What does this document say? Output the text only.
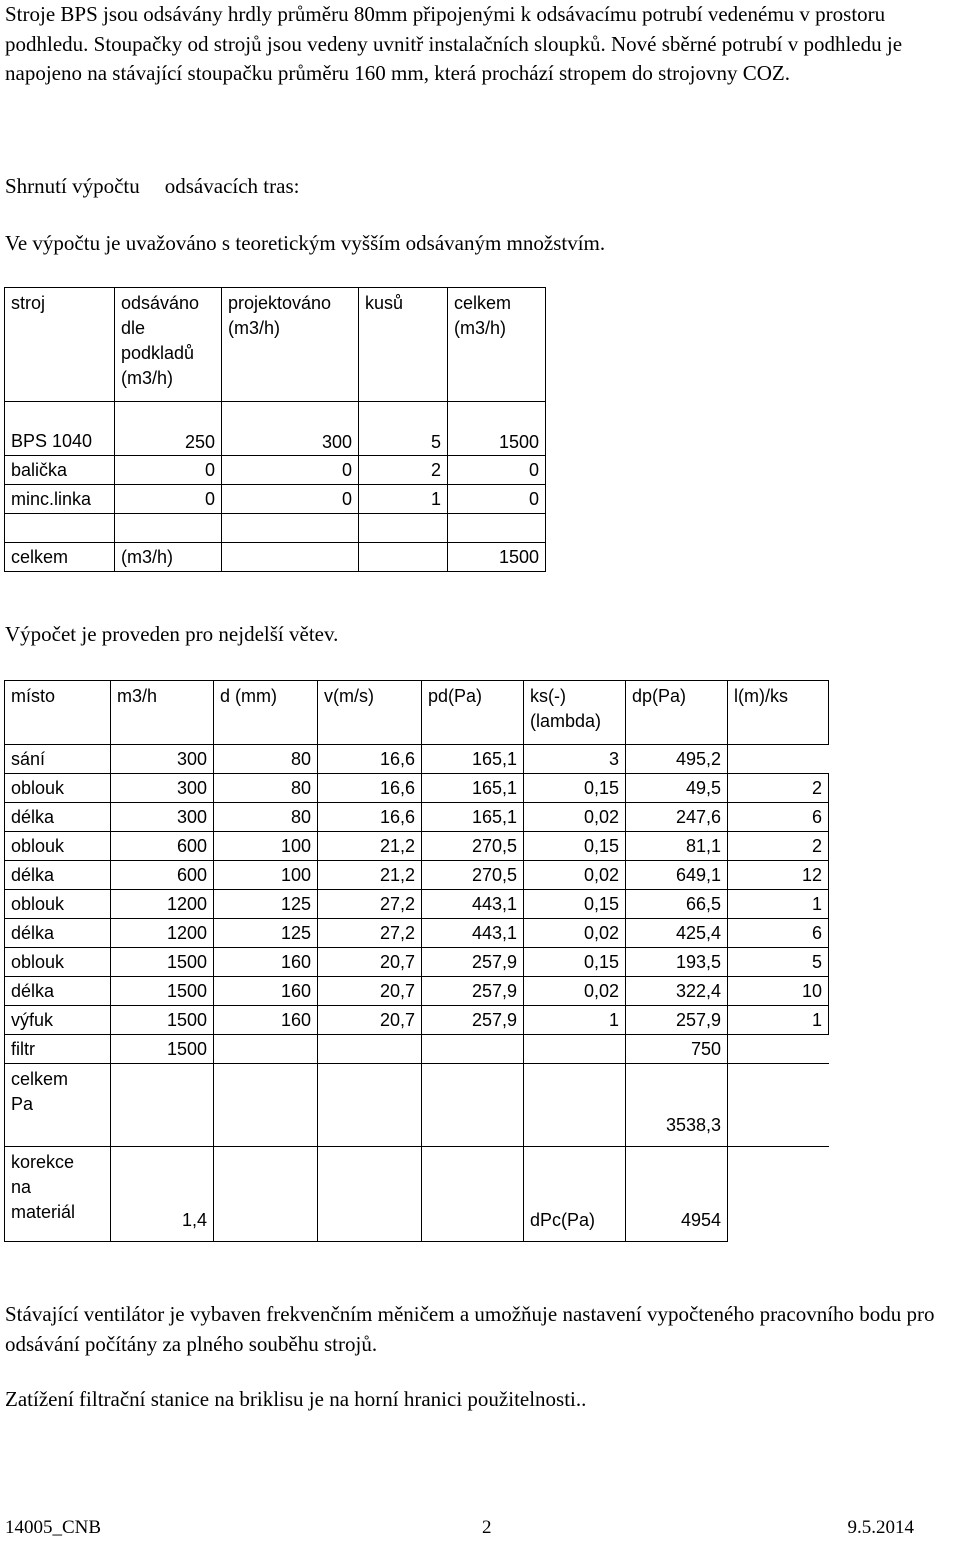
Stroje BPS jsou odsávány hrdly průměru 80mm připojenými k odsávacímu potrubí vedenému v prostoru podhledu. Stoupačky od strojů jsou vedeny uvnitř instalačních sloupků. Nové sběrné potrubí v podhledu je napojeno na stávající stoupačku průměru 160 mm, která prochází stropem do strojovny COZ.

Shrnutí výpočtu odsávacích tras:

Ve výpočtu je uvažováno s teoretickým vyšším odsávaným množstvím.

stroj	odsáváno dle podkladů (m3/h)	projektováno (m3/h)	kusů	celkem (m3/h)
BPS 1040	250	300	5	1500
balička	0	0	2	0
minc.linka	0	0	1	0

celkem	(m3/h)			1500

Výpočet je proveden pro nejdelší větev.

místo	m3/h	d (mm)	v(m/s)	pd(Pa)	ks(-) (lambda)	dp(Pa)	l(m)/ks
sání	300	80	16,6	165,1	3	495,2	
oblouk	300	80	16,6	165,1	0,15	49,5	2
délka	300	80	16,6	165,1	0,02	247,6	6
oblouk	600	100	21,2	270,5	0,15	81,1	2
délka	600	100	21,2	270,5	0,02	649,1	12
oblouk	1200	125	27,2	443,1	0,15	66,5	1
délka	1200	125	27,2	443,1	0,02	425,4	6
oblouk	1500	160	20,7	257,9	0,15	193,5	5
délka	1500	160	20,7	257,9	0,02	322,4	10
výfuk	1500	160	20,7	257,9	1	257,9	1
filtr	1500					750	
celkem Pa						3538,3	
korekce na materiál	1,4				dPc(Pa)	4954	

Stávající ventilátor je vybaven frekvenčním měničem a umožňuje nastavení vypočteného pracovního bodu pro odsávání počítány za plného souběhu strojů.

Zatížení filtrační stanice na briklisu je na horní hranici použitelnosti..

14005_CNB	2	9.5.2014
